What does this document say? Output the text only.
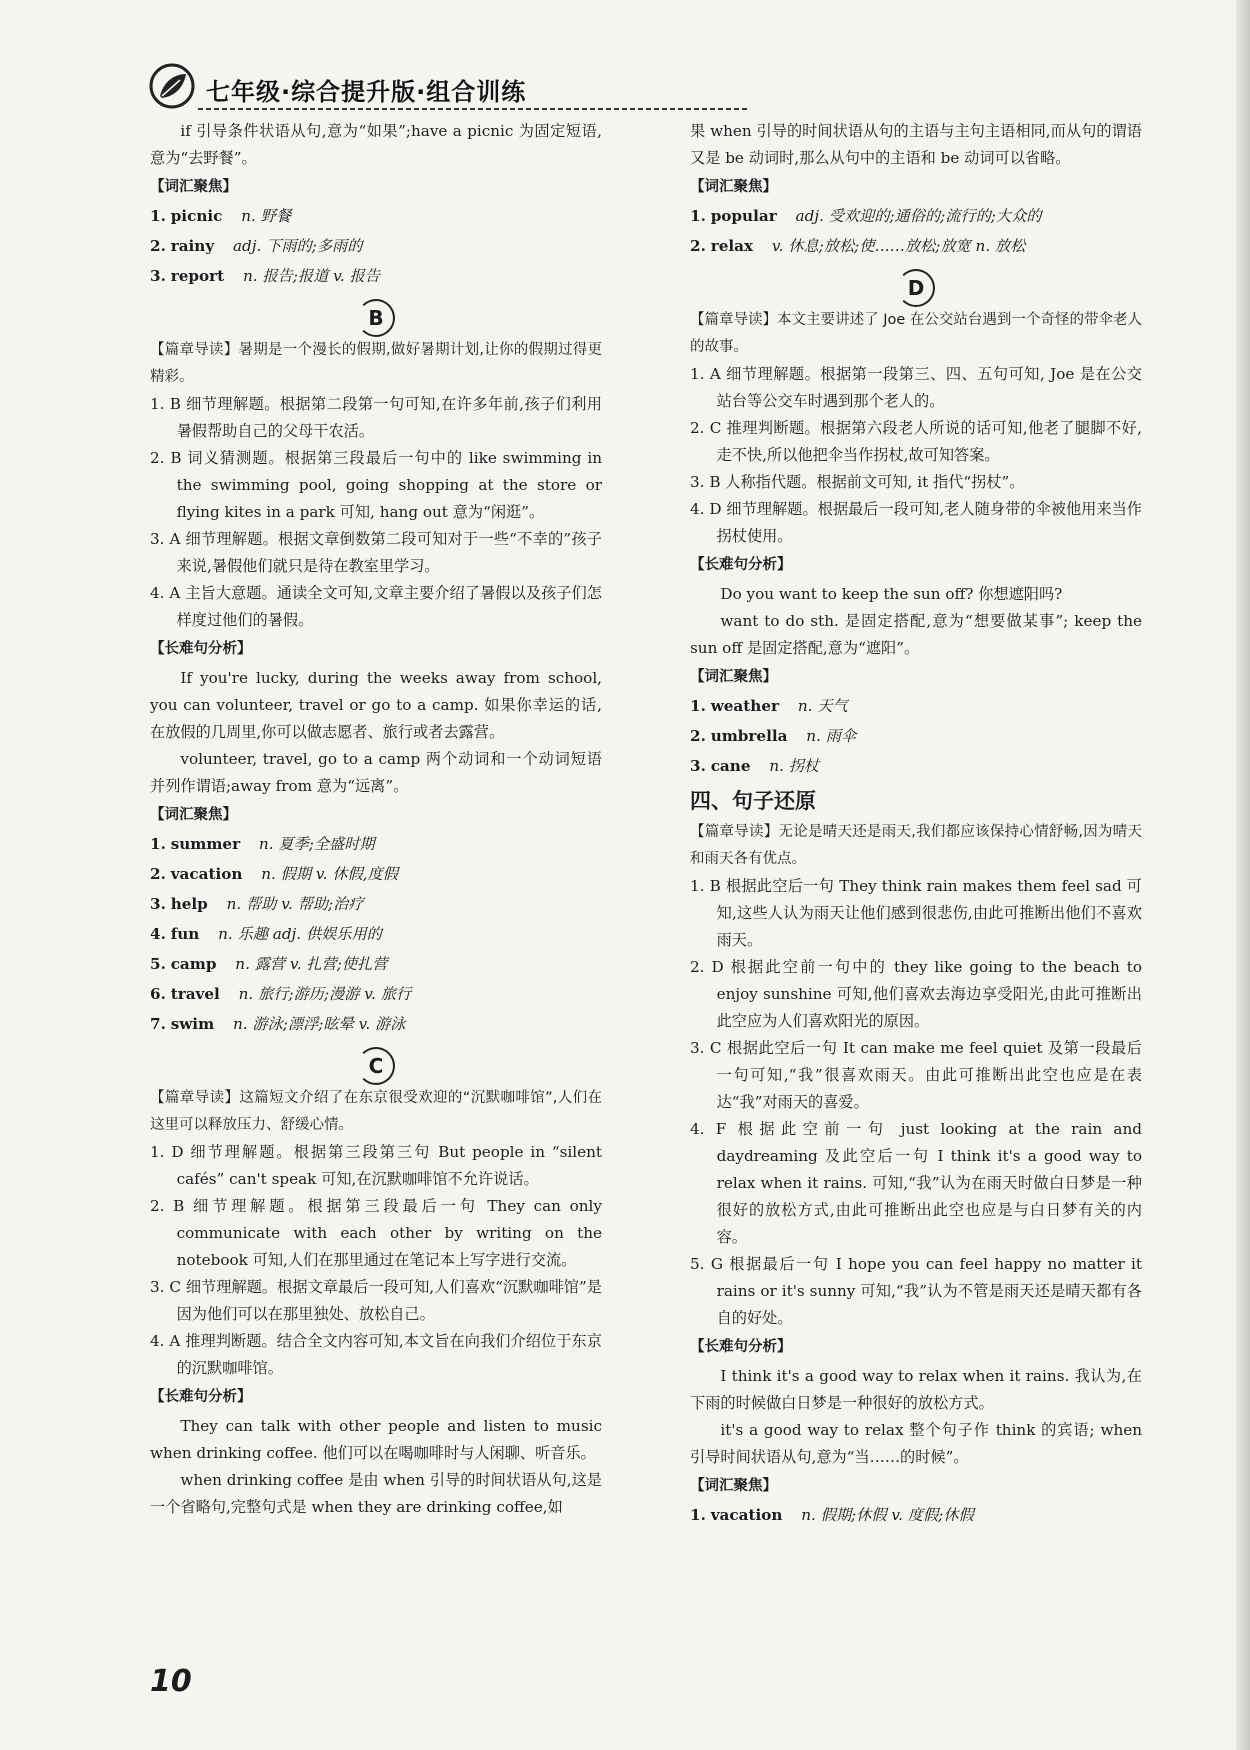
七年级·综合提升版·组合训练

if 引导条件状语从句,意为“如果”;have a picnic 为固定短语,意为“去野餐”。

【词汇聚焦】
1. picnic n. 野餐
2. rainy adj. 下雨的;多雨的
3. report n. 报告;报道 v. 报告
B

【篇章导读】暑期是一个漫长的假期,做好暑期计划,让你的假期过得更精彩。

1. B 细节理解题。根据第二段第一句可知,在许多年前,孩子们利用暑假帮助自己的父母干农活。

2. B 词义猜测题。根据第三段最后一句中的 like swimming in the swimming pool, going shopping at the store or flying kites in a park 可知, hang out 意为“闲逛”。

3. A 细节理解题。根据文章倒数第二段可知对于一些“不幸的”孩子来说,暑假他们就只是待在教室里学习。

4. A 主旨大意题。通读全文可知,文章主要介绍了暑假以及孩子们怎样度过他们的暑假。

【长难句分析】

If you're lucky, during the weeks away from school, you can volunteer, travel or go to a camp. 如果你幸运的话,在放假的几周里,你可以做志愿者、旅行或者去露营。

volunteer, travel, go to a camp 两个动词和一个动词短语并列作谓语;away from 意为“远离”。

【词汇聚焦】
1. summer n. 夏季;全盛时期
2. vacation n. 假期 v. 休假,度假
3. help n. 帮助 v. 帮助;治疗
4. fun n. 乐趣 adj. 供娱乐用的
5. camp n. 露营 v. 扎营;使扎营
6. travel n. 旅行;游历;漫游 v. 旅行
7. swim n. 游泳;漂浮;眩晕 v. 游泳
C

【篇章导读】这篇短文介绍了在东京很受欢迎的“沉默咖啡馆”,人们在这里可以释放压力、舒缓心情。

1. D 细节理解题。根据第三段第三句 But people in “silent cafés” can't speak 可知,在沉默咖啡馆不允许说话。

2. B 细节理解题。根据第三段最后一句 They can only communicate with each other by writing on the notebook 可知,人们在那里通过在笔记本上写字进行交流。

3. C 细节理解题。根据文章最后一段可知,人们喜欢“沉默咖啡馆”是因为他们可以在那里独处、放松自己。

4. A 推理判断题。结合全文内容可知,本文旨在向我们介绍位于东京的沉默咖啡馆。

【长难句分析】

They can talk with other people and listen to music when drinking coffee. 他们可以在喝咖啡时与人闲聊、听音乐。

when drinking coffee 是由 when 引导的时间状语从句,这是一个省略句,完整句式是 when they are drinking coffee,如

果 when 引导的时间状语从句的主语与主句主语相同,而从句的谓语又是 be 动词时,那么从句中的主语和 be 动词可以省略。

【词汇聚焦】
1. popular adj. 受欢迎的;通俗的;流行的;大众的
2. relax v. 休息;放松;使……放松;放宽 n. 放松
D

【篇章导读】本文主要讲述了 Joe 在公交站台遇到一个奇怪的带伞老人的故事。

1. A 细节理解题。根据第一段第三、四、五句可知, Joe 是在公交站台等公交车时遇到那个老人的。

2. C 推理判断题。根据第六段老人所说的话可知,他老了腿脚不好,走不快,所以他把伞当作拐杖,故可知答案。

3. B 人称指代题。根据前文可知, it 指代“拐杖”。

4. D 细节理解题。根据最后一段可知,老人随身带的伞被他用来当作拐杖使用。

【长难句分析】

Do you want to keep the sun off? 你想遮阳吗?

want to do sth. 是固定搭配,意为“想要做某事”; keep the sun off 是固定搭配,意为“遮阳”。

【词汇聚焦】
1. weather n. 天气
2. umbrella n. 雨伞
3. cane n. 拐杖
四、句子还原

【篇章导读】无论是晴天还是雨天,我们都应该保持心情舒畅,因为晴天和雨天各有优点。

1. B 根据此空后一句 They think rain makes them feel sad 可知,这些人认为雨天让他们感到很悲伤,由此可推断出他们不喜欢雨天。

2. D 根据此空前一句中的 they like going to the beach to enjoy sunshine 可知,他们喜欢去海边享受阳光,由此可推断出此空应为人们喜欢阳光的原因。

3. C 根据此空后一句 It can make me feel quiet 及第一段最后一句可知,“我”很喜欢雨天。由此可推断出此空也应是在表达“我”对雨天的喜爱。

4. F 根据此空前一句 just looking at the rain and daydreaming 及此空后一句 I think it's a good way to relax when it rains. 可知,“我”认为在雨天时做白日梦是一种很好的放松方式,由此可推断出此空也应是与白日梦有关的内容。

5. G 根据最后一句 I hope you can feel happy no matter it rains or it's sunny 可知,“我”认为不管是雨天还是晴天都有各自的好处。

【长难句分析】

I think it's a good way to relax when it rains. 我认为,在下雨的时候做白日梦是一种很好的放松方式。

it's a good way to relax 整个句子作 think 的宾语; when 引导时间状语从句,意为“当……的时候”。

【词汇聚焦】
1. vacation n. 假期;休假 v. 度假;休假
10
